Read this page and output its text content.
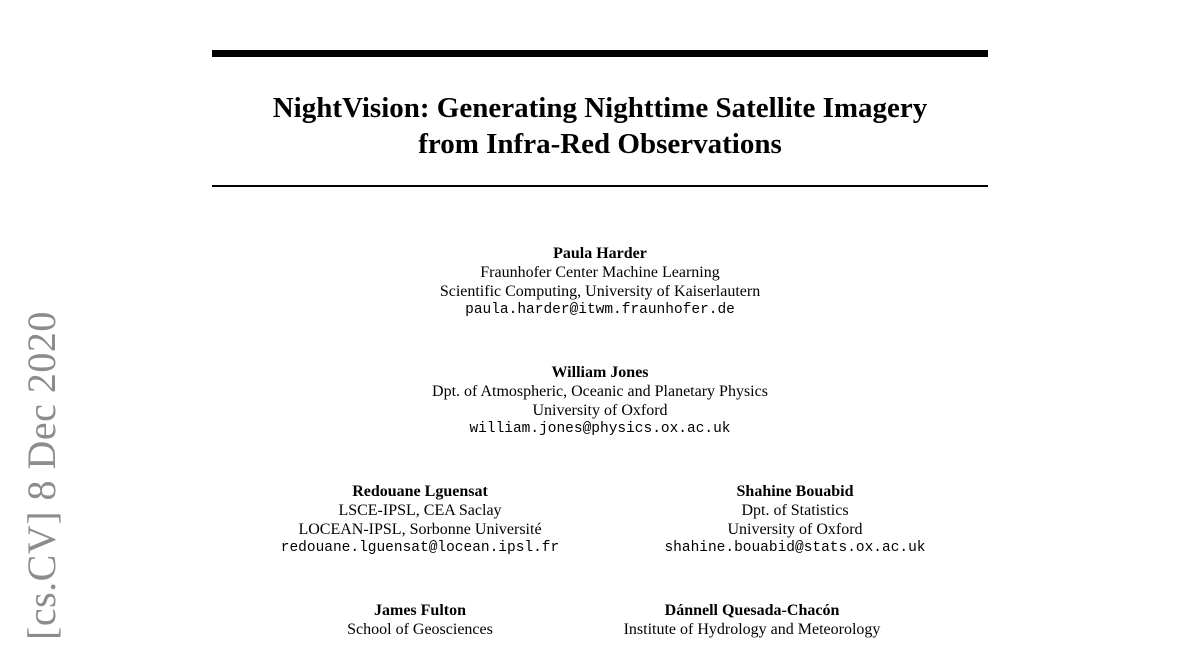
[cs.CV] 8 Dec 2020
NightVision: Generating Nighttime Satellite Imagery
from Infra-Red Observations
Paula Harder
Fraunhofer Center Machine Learning
Scientific Computing, University of Kaiserlautern
paula.harder@itwm.fraunhofer.de
William Jones
Dpt. of Atmospheric, Oceanic and Planetary Physics
University of Oxford
william.jones@physics.ox.ac.uk
Redouane Lguensat
LSCE-IPSL, CEA Saclay
LOCEAN-IPSL, Sorbonne Université
redouane.lguensat@locean.ipsl.fr
Shahine Bouabid
Dpt. of Statistics
University of Oxford
shahine.bouabid@stats.ox.ac.uk
James Fulton
School of Geosciences
Dánnell Quesada-Chacón
Institute of Hydrology and Meteorology
